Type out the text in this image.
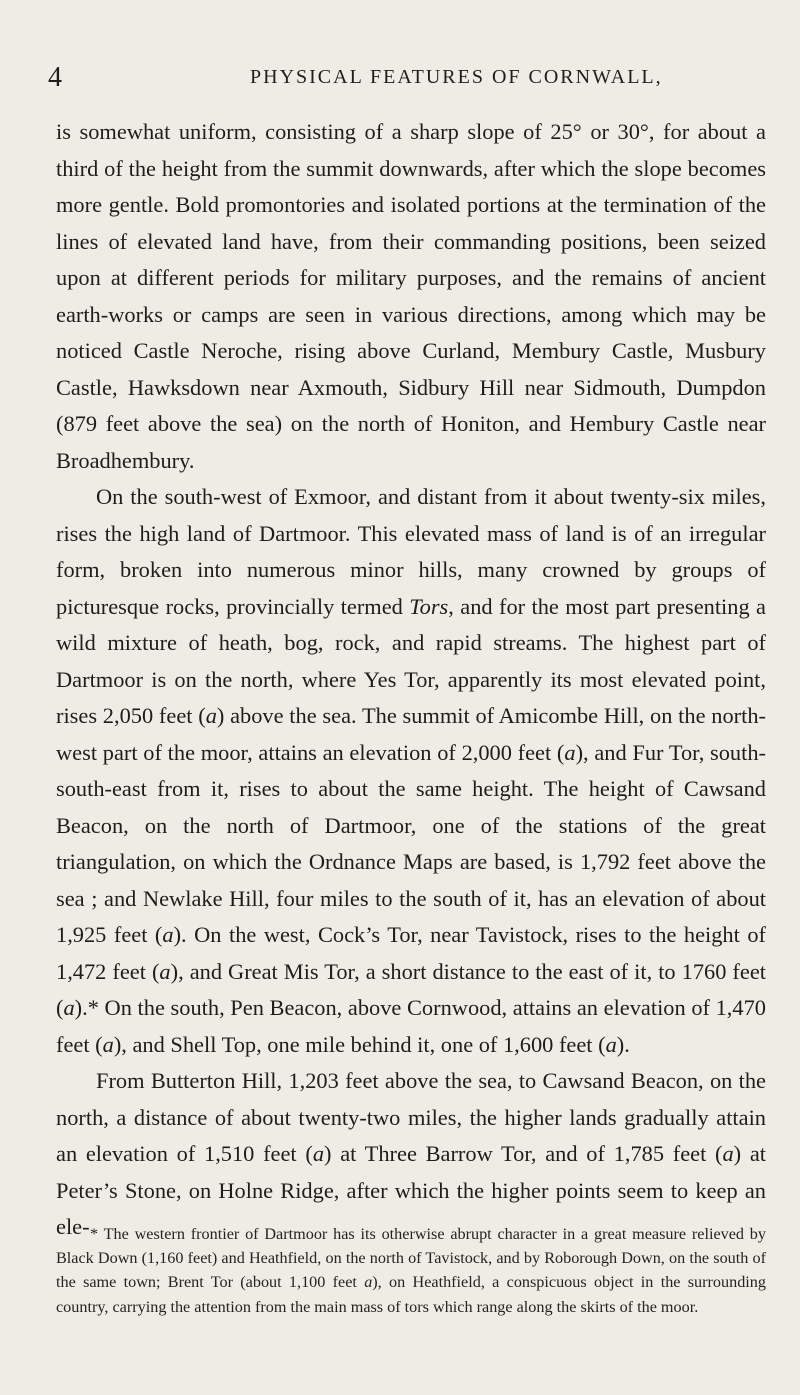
4	PHYSICAL FEATURES OF CORNWALL,

is somewhat uniform, consisting of a sharp slope of 25° or 30°, for about a third of the height from the summit downwards, after which the slope becomes more gentle. Bold promontories and isolated portions at the termination of the lines of elevated land have, from their commanding positions, been seized upon at different periods for military purposes, and the remains of ancient earth-works or camps are seen in various directions, among which may be noticed Castle Neroche, rising above Curland, Membury Castle, Musbury Castle, Hawksdown near Axmouth, Sidbury Hill near Sidmouth, Dumpdon (879 feet above the sea) on the north of Honiton, and Hembury Castle near Broadhembury.

On the south-west of Exmoor, and distant from it about twenty-six miles, rises the high land of Dartmoor. This elevated mass of land is of an irregular form, broken into numerous minor hills, many crowned by groups of picturesque rocks, provincially termed Tors, and for the most part presenting a wild mixture of heath, bog, rock, and rapid streams. The highest part of Dartmoor is on the north, where Yes Tor, apparently its most elevated point, rises 2,050 feet (a) above the sea. The summit of Amicombe Hill, on the north-west part of the moor, attains an elevation of 2,000 feet (a), and Fur Tor, south-south-east from it, rises to about the same height. The height of Cawsand Beacon, on the north of Dartmoor, one of the stations of the great triangulation, on which the Ordnance Maps are based, is 1,792 feet above the sea ; and Newlake Hill, four miles to the south of it, has an elevation of about 1,925 feet (a). On the west, Cock’s Tor, near Tavistock, rises to the height of 1,472 feet (a), and Great Mis Tor, a short distance to the east of it, to 1760 feet (a).* On the south, Pen Beacon, above Cornwood, attains an elevation of 1,470 feet (a), and Shell Top, one mile behind it, one of 1,600 feet (a).

From Butterton Hill, 1,203 feet above the sea, to Cawsand Beacon, on the north, a distance of about twenty-two miles, the higher lands gradually attain an elevation of 1,510 feet (a) at Three Barrow Tor, and of 1,785 feet (a) at Peter’s Stone, on Holne Ridge, after which the higher points seem to keep an ele- * The western frontier of Dartmoor has its otherwise abrupt character in a great measure relieved by Black Down (1,160 feet) and Heathfield, on the north of Tavistock, and by Roborough Down, on the south of the same town; Brent Tor (about 1,100 feet a), on Heathfield, a conspicuous object in the surrounding country, carrying the attention from the main mass of tors which range along the skirts of the moor.
